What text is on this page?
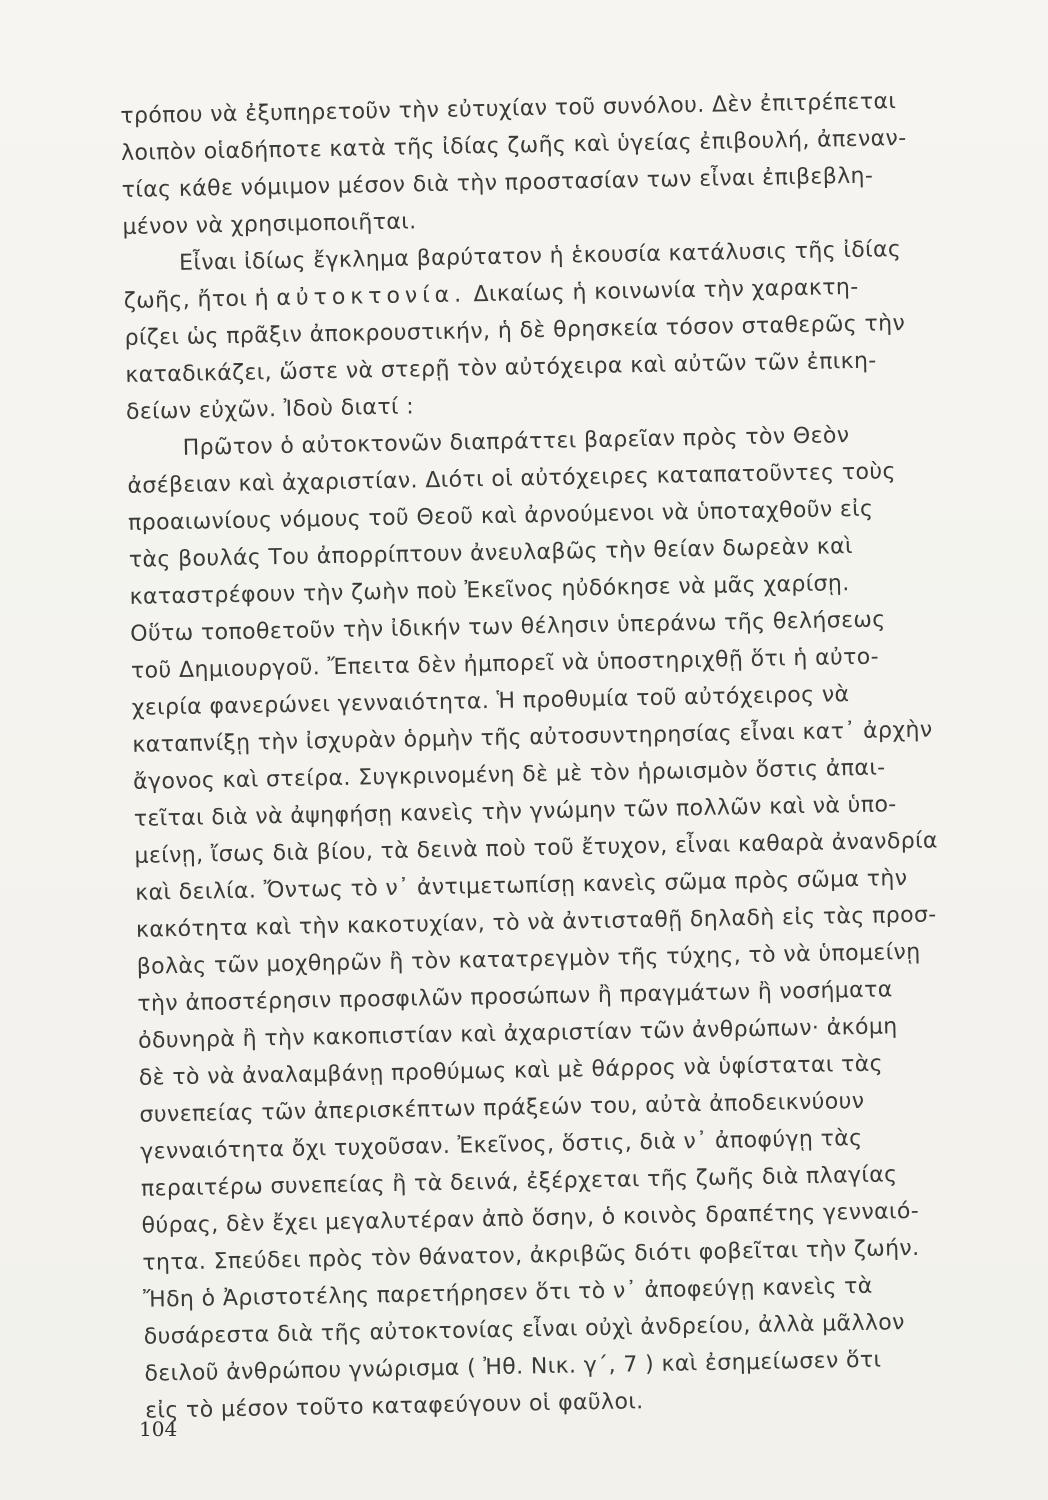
τρόπου νὰ ἐξυπηρετοῦν τὴν εὐτυχίαν τοῦ συνόλου. Δὲν ἐπιτρέπεται
λοιπὸν οἱαδήποτε κατὰ τῆς ἰδίας ζωῆς καὶ ὑγείας ἐπιβουλή, ἀπεναν-
τίας κάθε νόμιμον μέσον διὰ τὴν προστασίαν των εἶναι ἐπιβεβλη-
μένον νὰ χρησιμοποιῆται.
Εἶναι ἰδίως ἔγκλημα βαρύτατον ἡ ἑκουσία κατάλυσις τῆς ἰδίας
ζωῆς, ἤτοι ἡ αὐτοκτονία. Δικαίως ἡ κοινωνία τὴν χαρακτη-
ρίζει ὡς πρᾶξιν ἀποκρουστικήν, ἡ δὲ θρησκεία τόσον σταθερῶς τὴν
καταδικάζει, ὥστε νὰ στερῇ τὸν αὐτόχειρα καὶ αὐτῶν τῶν ἐπικη-
δείων εὐχῶν. Ἰδοὺ διατί :
Πρῶτον ὁ αὐτοκτονῶν διαπράττει βαρεῖαν πρὸς τὸν Θεὸν
ἀσέβειαν καὶ ἀχαριστίαν. Διότι οἱ αὐτόχειρες καταπατοῦντες τοὺς
προαιωνίους νόμους τοῦ Θεοῦ καὶ ἀρνούμενοι νὰ ὑποταχθοῦν εἰς
τὰς βουλάς Του ἀπορρίπτουν ἀνευλαβῶς τὴν θείαν δωρεὰν καὶ
καταστρέφουν τὴν ζωὴν ποὺ Ἐκεῖνος ηὐδόκησε νὰ μᾶς χαρίσῃ.
Οὕτω τοποθετοῦν τὴν ἰδικήν των θέλησιν ὑπεράνω τῆς θελήσεως
τοῦ Δημιουργοῦ. Ἔπειτα δὲν ἠμπορεῖ νὰ ὑποστηριχθῇ ὅτι ἡ αὐτο-
χειρία φανερώνει γενναιότητα. Ἡ προθυμία τοῦ αὐτόχειρος νὰ
καταπνίξῃ τὴν ἰσχυρὰν ὁρμὴν τῆς αὐτοσυντηρησίας εἶναι κατ᾿ ἀρχὴν
ἄγονος καὶ στείρα. Συγκρινομένη δὲ μὲ τὸν ἡρωισμὸν ὅστις ἀπαι-
τεῖται διὰ νὰ ἀψηφήσῃ κανεὶς τὴν γνώμην τῶν πολλῶν καὶ νὰ ὑπο-
μείνῃ, ἴσως διὰ βίου, τὰ δεινὰ ποὺ τοῦ ἔτυχον, εἶναι καθαρὰ ἀνανδρία
καὶ δειλία. Ὄντως τὸ ν᾿ ἀντιμετωπίσῃ κανεὶς σῶμα πρὸς σῶμα τὴν
κακότητα καὶ τὴν κακοτυχίαν, τὸ νὰ ἀντισταθῇ δηλαδὴ εἰς τὰς προσ-
βολὰς τῶν μοχθηρῶν ἢ τὸν κατατρεγμὸν τῆς τύχης, τὸ νὰ ὑπομείνῃ
τὴν ἀποστέρησιν προσφιλῶν προσώπων ἢ πραγμάτων ἢ νοσήματα
ὀδυνηρὰ ἢ τὴν κακοπιστίαν καὶ ἀχαριστίαν τῶν ἀνθρώπων· ἀκόμη
δὲ τὸ νὰ ἀναλαμβάνῃ προθύμως καὶ μὲ θάρρος νὰ ὑφίσταται τὰς
συνεπείας τῶν ἀπερισκέπτων πράξεών του, αὐτὰ ἀποδεικνύουν
γενναιότητα ὄχι τυχοῦσαν. Ἐκεῖνος, ὅστις, διὰ ν᾿ ἀποφύγῃ τὰς
περαιτέρω συνεπείας ἢ τὰ δεινά, ἐξέρχεται τῆς ζωῆς διὰ πλαγίας
θύρας, δὲν ἔχει μεγαλυτέραν ἀπὸ ὅσην, ὁ κοινὸς δραπέτης γενναιό-
τητα. Σπεύδει πρὸς τὸν θάνατον, ἀκριβῶς διότι φοβεῖται τὴν ζωήν.
Ἤδη ὁ Ἀριστοτέλης παρετήρησεν ὅτι τὸ ν᾿ ἀποφεύγῃ κανεὶς τὰ
δυσάρεστα διὰ τῆς αὐτοκτονίας εἶναι οὐχὶ ἀνδρείου, ἀλλὰ μᾶλλον
δειλοῦ ἀνθρώπου γνώρισμα ( Ἠθ. Νικ. γ΄, 7 ) καὶ ἐσημείωσεν ὅτι
εἰς τὸ μέσον τοῦτο καταφεύγουν οἱ φαῦλοι.
104
